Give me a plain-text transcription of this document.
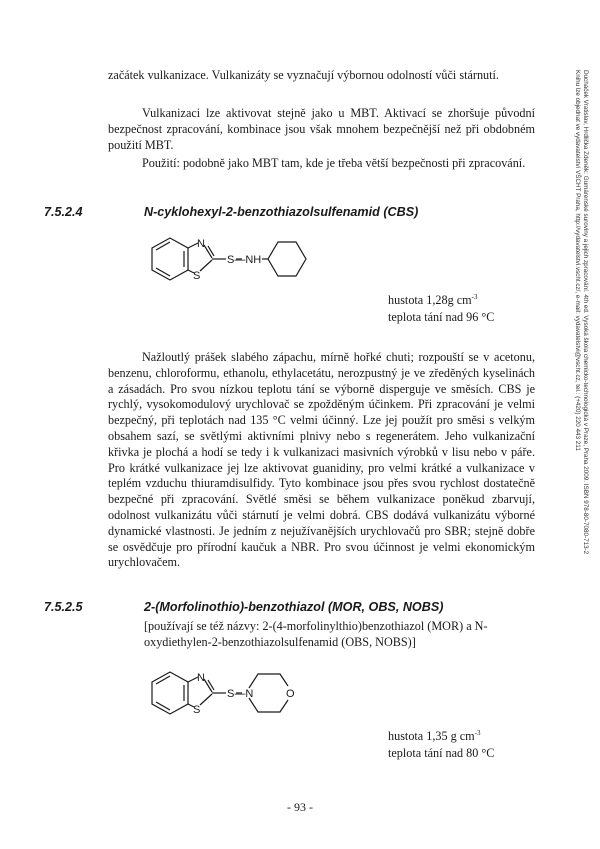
začátek vulkanizace. Vulkanizáty se vyznačují výbornou odolností vůči stárnutí.

Vulkanizaci lze aktivovat stejně jako u MBT. Aktivací se zhoršuje původní bezpečnost zpracování, kombinace jsou však mnohem bezpečnější než při obdobném použití MBT.

Použití: podobně jako MBT tam, kde je třeba větší bezpečnosti při zpracování.

7.5.2.4	N-cyklohexyl-2-benzothiazolsulfenamid (CBS)
N
S
S—NH
hustota 1,28g $cm^{-3}$
teplota tání nad 96 °C

Nažloutlý prášek slabého zápachu, mírně hořké chuti; rozpouští se v acetonu, benzenu, chloroformu, ethanolu, ethylacetátu, nerozpustný je ve zředěných kyselinách a zásadách. Pro svou nízkou teplotu tání se výborně disperguje ve směsích. CBS je rychlý, vysokomodulový urychlovač se zpožděným účinkem. Při zpracování je velmi bezpečný, při teplotách nad 135 °C velmi účinný. Lze jej použít pro směsi s velkým obsahem sazí, se světlými aktivními plnivy nebo s regenerátem. Jeho vulkanizační křivka je plochá a hodí se tedy i k vulkanizaci masivních výrobků v lisu nebo v páře. Pro krátké vulkanizace jej lze aktivovat guanidiny, pro velmi krátké a vulkanizace v teplém vzduchu thiuramdisulfidy. Tyto kombinace jsou přes svou rychlost dostatečně bezpečné při zpracování. Světlé směsi se během vulkanizace poněkud zbarvují, odolnost vulkanizátu vůči stárnutí je velmi dobrá. CBS dodává vulkanizátu výborné dynamické vlastnosti. Je jedním z nejužívanějších urychlovačů pro SBR; stejně dobře se osvědčuje pro přírodní kaučuk a NBR. Pro svou účinnost je velmi ekonomickým urychlovačem.

7.5.2.5	2-(Morfolinothio)-benzothiazol (MOR, OBS, NOBS)

[používají se též názvy: 2-(4-morfolinylthio)benzothiazol (MOR) a N-oxydiethylen-2-benzothiazolsulfenamid (OBS, NOBS)]

N
S
S—N	O
hustota 1,35 g $cm^{-3}$
teplota tání nad 80 °C
- 93 -
Ducháček Vratislav, Hrdlička Zdeněk: Gumárenské suroviny a jejich zpracování. 4th ed. Vysoká škola chemicko-technologická v Praze, Praha 2009. ISBN 978-80-7080-713-2
Knihu lze objednat ve vydavatelství VŠCHT Praha, http://vydavatelstvi.vscht.cz/, e-mail: vydavatelstvi@vscht.cz, tel.: (+420) 220 443 211
